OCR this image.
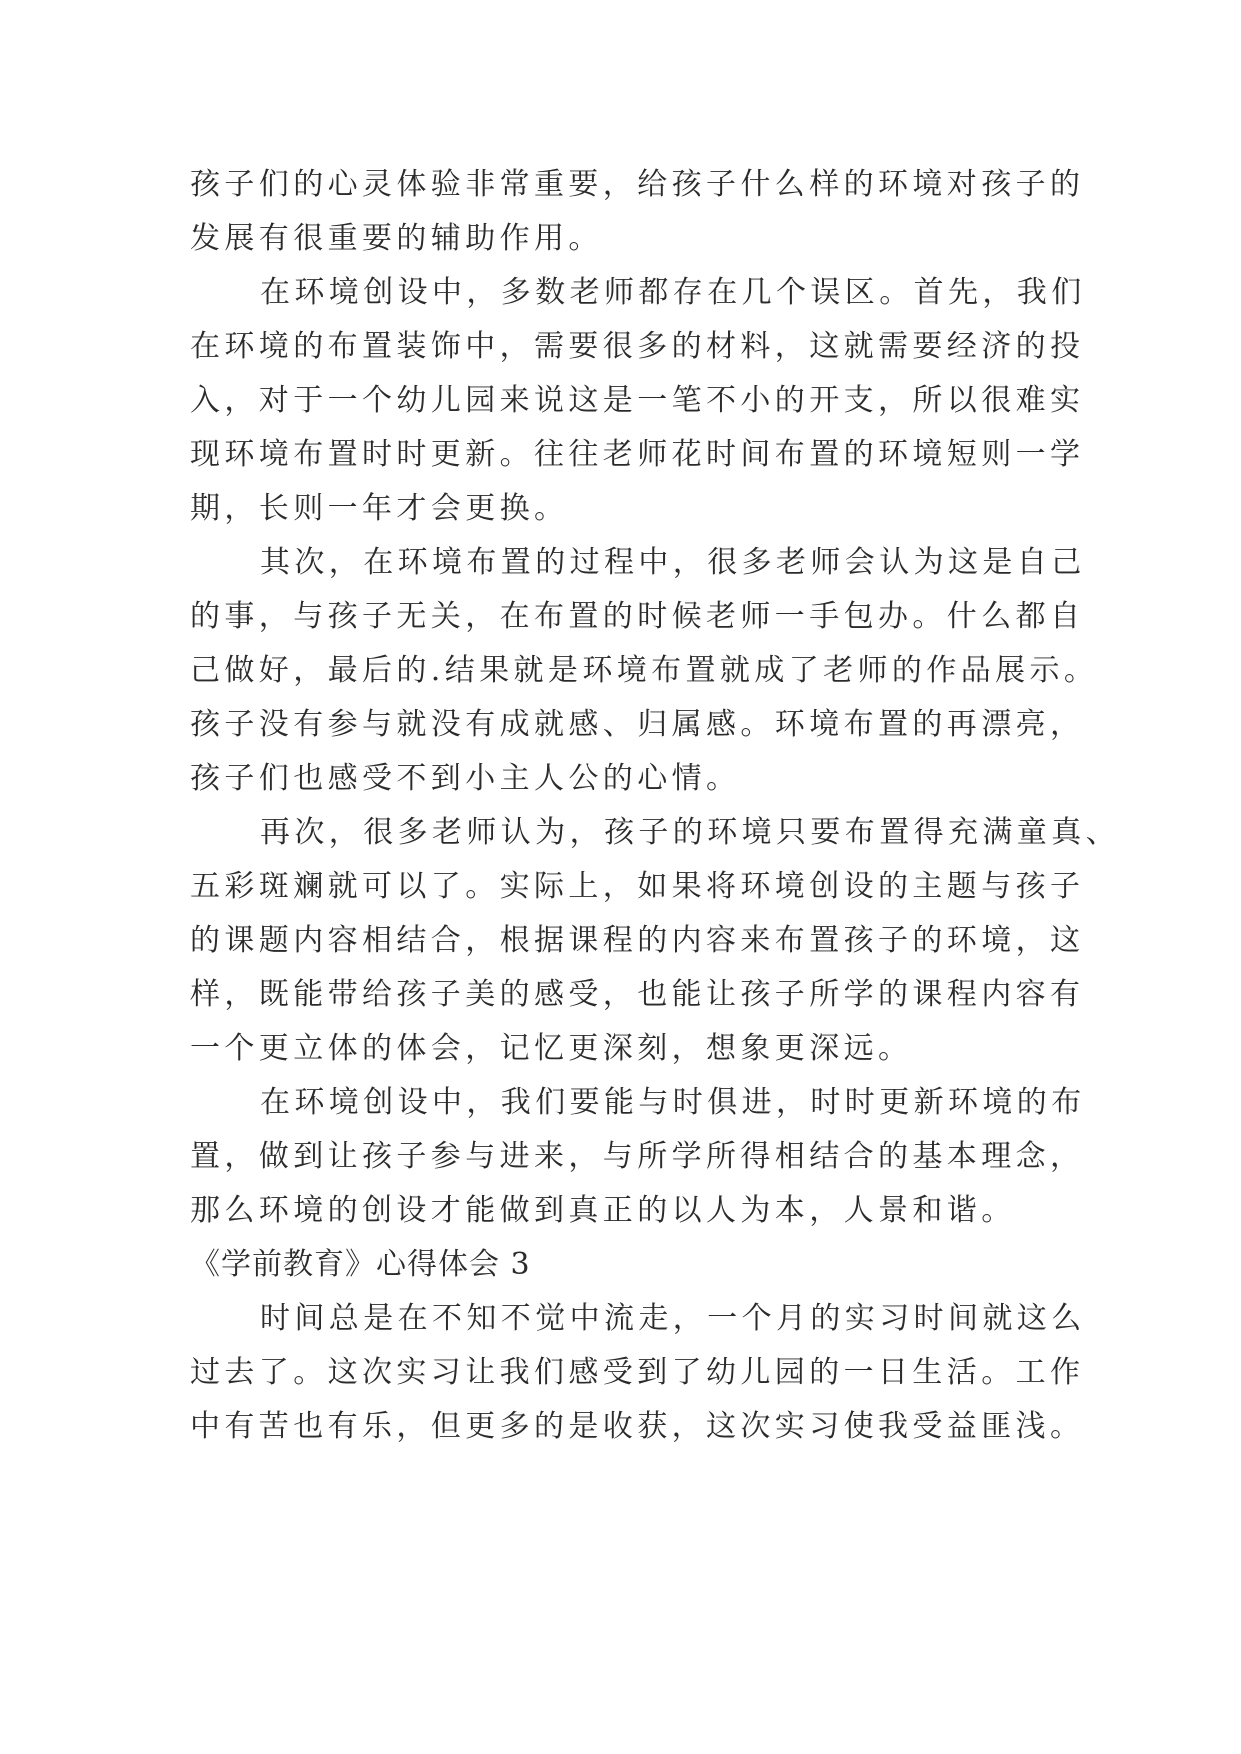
孩子们的心灵体验非常重要，给孩子什么样的环境对孩子的
发展有很重要的辅助作用。
在环境创设中，多数老师都存在几个误区。首先，我们
在环境的布置装饰中，需要很多的材料，这就需要经济的投
入，对于一个幼儿园来说这是一笔不小的开支，所以很难实
现环境布置时时更新。往往老师花时间布置的环境短则一学
期，长则一年才会更换。
其次，在环境布置的过程中，很多老师会认为这是自己
的事，与孩子无关，在布置的时候老师一手包办。什么都自
己做好，最后的.结果就是环境布置就成了老师的作品展示。
孩子没有参与就没有成就感、归属感。环境布置的再漂亮，
孩子们也感受不到小主人公的心情。
再次，很多老师认为，孩子的环境只要布置得充满童真、
五彩斑斓就可以了。实际上，如果将环境创设的主题与孩子
的课题内容相结合，根据课程的内容来布置孩子的环境，这
样，既能带给孩子美的感受，也能让孩子所学的课程内容有
一个更立体的体会，记忆更深刻，想象更深远。
在环境创设中，我们要能与时俱进，时时更新环境的布
置，做到让孩子参与进来，与所学所得相结合的基本理念，
那么环境的创设才能做到真正的以人为本，人景和谐。
《学前教育》心得体会 3
时间总是在不知不觉中流走，一个月的实习时间就这么
过去了。这次实习让我们感受到了幼儿园的一日生活。工作
中有苦也有乐，但更多的是收获，这次实习使我受益匪浅。
